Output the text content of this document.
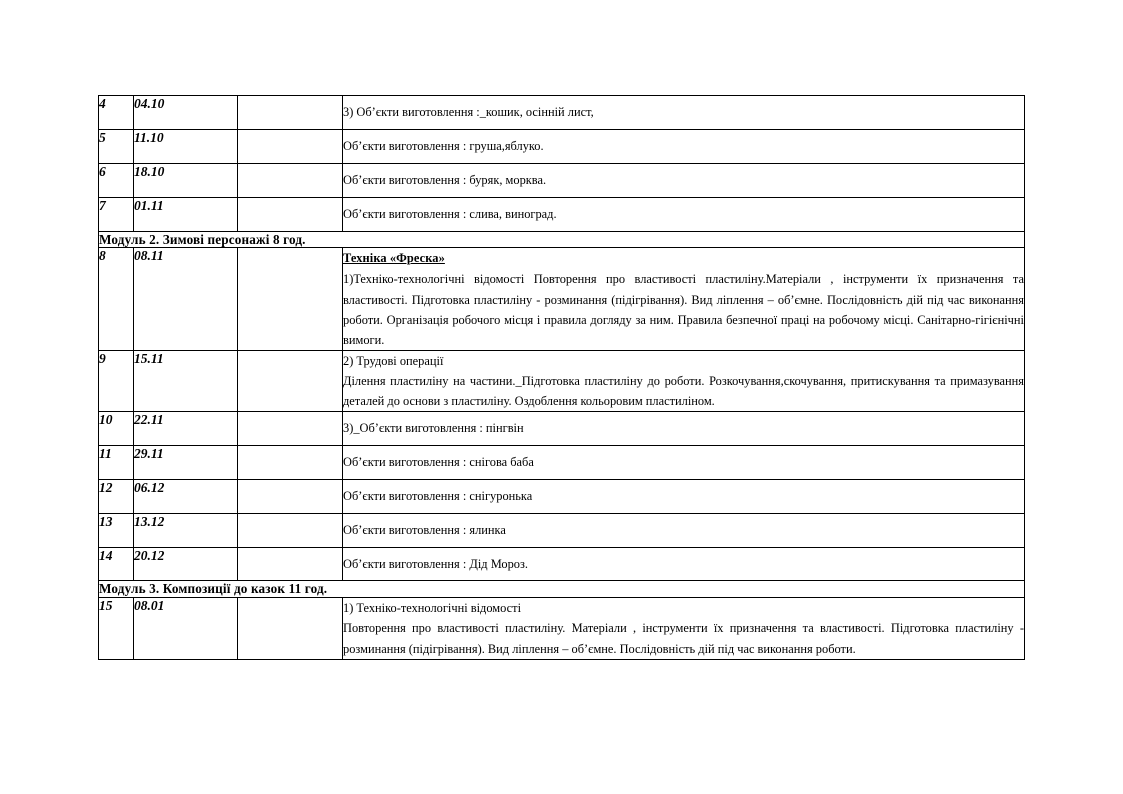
4	04.10		3) Об’єкти виготовлення :_кошик, осінній лист,
5	11.10		Об’єкти виготовлення : груша,яблуко.
6	18.10		Об’єкти виготовлення : буряк, морква.
7	01.11		Об’єкти виготовлення : слива, виноград.
Модуль 2. Зимові персонажі 8 год.			
8	08.11		Техніка «Фреска»
1)Техніко-технологічні відомості Повторення про властивості пластиліну.Матеріали , інструменти їх призначення та властивості. Підготовка пластиліну - розминання (підігрівання). Вид ліплення – об’ємне. Послідовність дій під час виконання роботи. Організація робочого місця і правила догляду за ним. Правила безпечної праці на робочому місці. Санітарно-гігієнічні вимоги.

9	15.11		2) Трудові операції
Ділення пластиліну на частини._Підготовка пластиліну до роботи. Розкочування,скочування, притискування та примазування деталей до основи з пластиліну. Оздоблення кольоровим пластиліном.

10	22.11		3)_Об’єкти виготовлення : пінгвін
11	29.11		Об’єкти виготовлення : снігова баба
12	06.12		Об’єкти виготовлення : снігуронька
13	13.12		Об’єкти виготовлення : ялинка
14	20.12		Об’єкти виготовлення : Дід Мороз.
Модуль 3. Композиції до казок 11 год.			
15	08.01		1) Техніко-технологічні відомості
Повторення про властивості пластиліну. Матеріали , інструменти їх призначення та властивості. Підготовка пластиліну - розминання (підігрівання). Вид ліплення – об’ємне. Послідовність дій під час виконання роботи.
